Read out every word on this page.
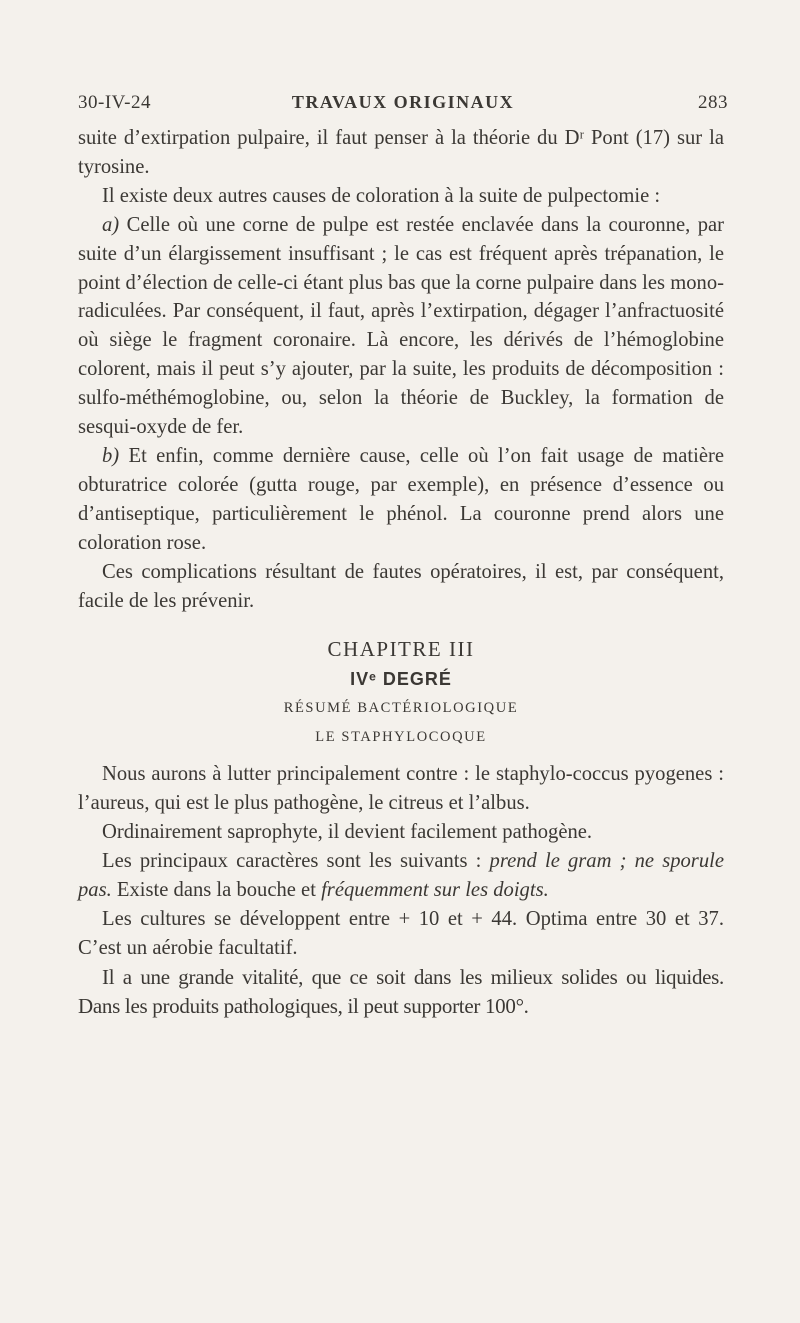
30-IV-24	TRAVAUX ORIGINAUX	283

suite d’extirpation pulpaire, il faut penser à la théorie du Dʳ Pont (17) sur la tyrosine.

Il existe deux autres causes de coloration à la suite de pulpectomie :

a) Celle où une corne de pulpe est restée enclavée dans la couronne, par suite d’un élargissement insuffisant ; le cas est fréquent après trépanation, le point d’élection de celle-ci étant plus bas que la corne pulpaire dans les mono-radiculées. Par conséquent, il faut, après l’extirpation, dégager l’anfractuosité où siège le fragment coronaire. Là encore, les dérivés de l’hémoglobine colorent, mais il peut s’y ajouter, par la suite, les produits de décomposition : sulfo-méthémoglobine, ou, selon la théorie de Buckley, la formation de sesqui-oxyde de fer.

b) Et enfin, comme dernière cause, celle où l’on fait usage de matière obturatrice colorée (gutta rouge, par exemple), en présence d’essence ou d’antiseptique, particulièrement le phénol. La couronne prend alors une coloration rose.

Ces complications résultant de fautes opératoires, il est, par conséquent, facile de les prévenir.

CHAPITRE III
IVᵉ DEGRÉ
RÉSUMÉ BACTÉRIOLOGIQUE
LE STAPHYLOCOQUE

Nous aurons à lutter principalement contre : le staphylo-coccus pyogenes : l’aureus, qui est le plus pathogène, le citreus et l’albus.

Ordinairement saprophyte, il devient facilement pathogène.

Les principaux caractères sont les suivants : prend le gram ; ne sporule pas. Existe dans la bouche et fréquemment sur les doigts.

Les cultures se développent entre + 10 et + 44. Optima entre 30 et 37. C’est un aérobie facultatif.

Il a une grande vitalité, que ce soit dans les milieux solides ou liquides. Dans les produits pathologiques, il peut supporter 100°.
